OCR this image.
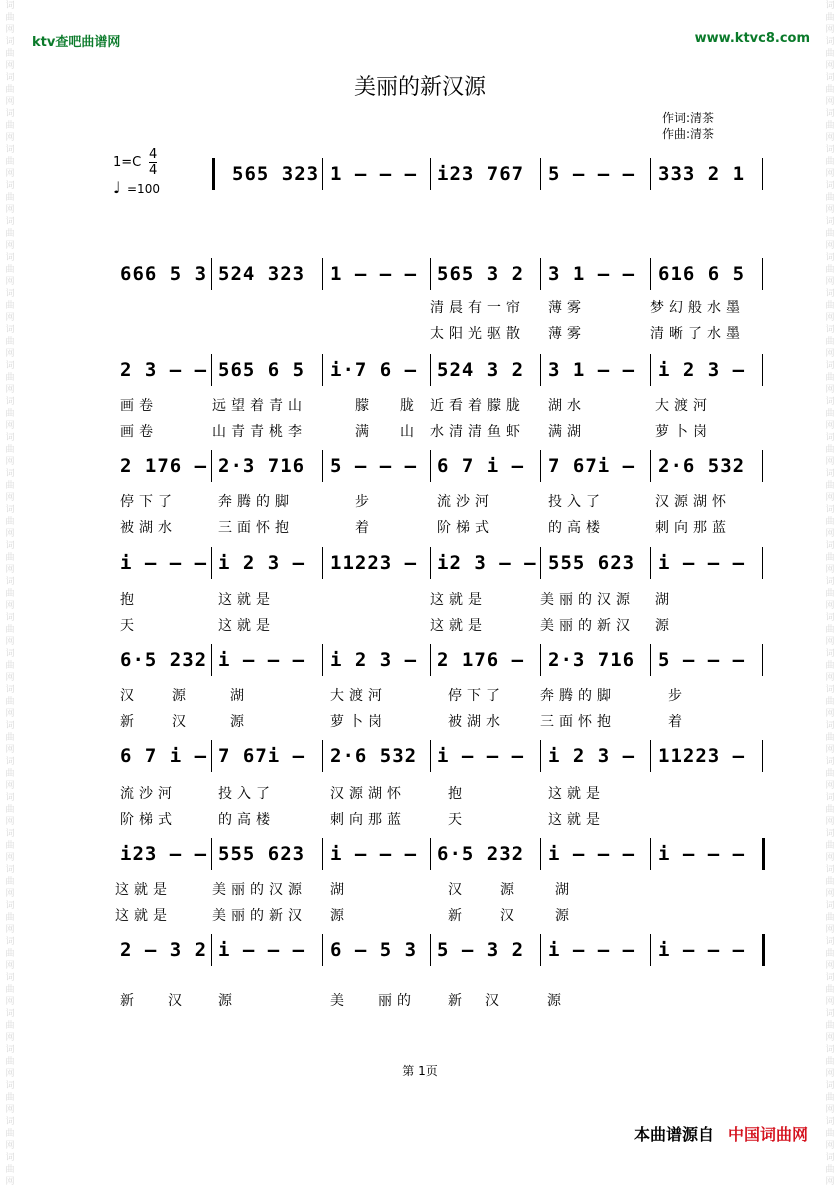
词曲网词曲网词曲网词曲网词曲网词曲网词曲网词曲网词曲网词曲网词曲网词曲网词曲网词曲网词曲网词曲网词曲网词曲网词曲网词曲网词曲网词曲网词曲网词曲网词曲网词曲网词曲网词曲网词曲网词曲网词曲网词曲网词曲网
词曲网词曲网词曲网词曲网词曲网词曲网词曲网词曲网词曲网词曲网词曲网词曲网词曲网词曲网词曲网词曲网词曲网词曲网词曲网词曲网词曲网词曲网词曲网词曲网词曲网词曲网词曲网词曲网词曲网词曲网词曲网词曲网词曲网
ktv查吧曲谱网	www.ktvc8.com
美丽的新汉源
作词:清茶
作曲:清茶
1=C
4
4
♩ =100
565 323 1 — — — i23 767 5 — — — 333 2 1
666 5 3 524 323 1 — — — 565 3 2 3 1 — — 616 6 5
清晨有一帘 薄雾	梦幻般水墨
太阳光驱散 薄雾	清晰了水墨
2 3 — — 565 6 5 i·7 6 — 524 3 2 3 1 — — i 2 3 —
画卷	远望着青山	朦 胧 近看着朦胧 湖水	大渡河
画卷	山青青桃李	满 山 水清清鱼虾 满湖	萝卜岗
2 176 — 2·3 716 5 — — — 6 7 i — 7 67i — 2·6 532
停下了	奔腾的脚	步	流沙河	投入了	汉源湖怀
被湖水	三面怀抱	着	阶梯式	的高楼	刺向那蓝
i — — — i 2 3 — 11223 — i2 3 — — 555 623 i — — —
抱	这就是	这就是	美丽的汉源 湖
天	这就是	这就是	美丽的新汉 源
6·5 232 i — — — i 2 3 — 2 176 — 2·3 716 5 — — —
汉 源	湖	大渡河	停下了	奔腾的脚	步
新 汉	源	萝卜岗	被湖水	三面怀抱	着
6 7 i — 7 67i — 2·6 532 i — — — i 2 3 — 11223 —
流沙河	投入了	汉源湖怀	抱	这就是
阶梯式	的高楼	刺向那蓝	天	这就是
i23 — — 555 623 i — — — 6·5 232 i — — — i — — —
这就是	美丽的汉源 湖	汉 源	湖
这就是	美丽的新汉 源	新 汉	源
2 — 3 2 i — — — 6 — 5 3 5 — 3 2 i — — — i — — —
新 汉 源	美 丽的 新 汉	源
第 1页
本曲谱源自 中国词曲网
